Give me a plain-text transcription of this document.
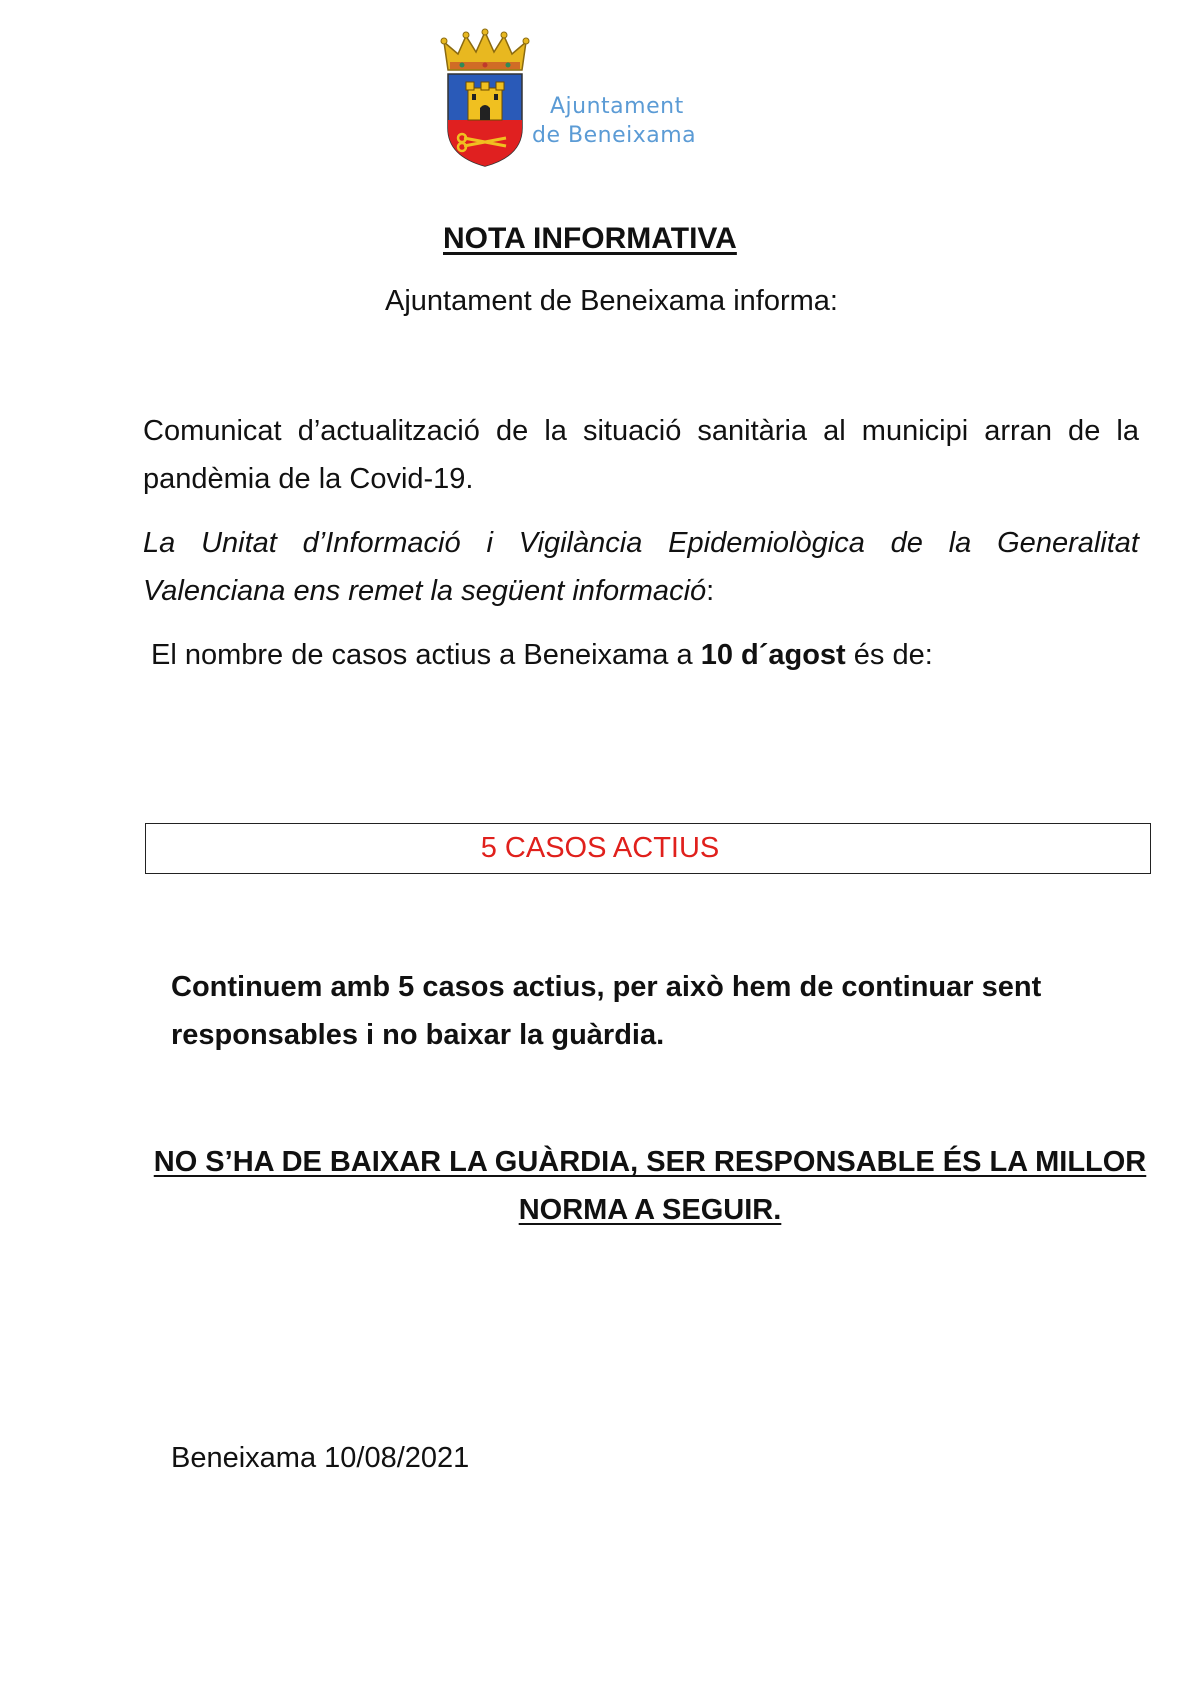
Ajuntament
de Beneixama
NOTA INFORMATIVA

Ajuntament de Beneixama informa:

Comunicat d’actualització de la situació sanitària al municipi arran de la pandèmia de la Covid-19.

La Unitat d’Informació i Vigilància Epidemiològica de la Generalitat Valenciana ens remet la següent informació:

El nombre de casos actius a Beneixama a 10 d´agost és de:

5 CASOS ACTIUS

Continuem amb 5 casos actius, per això hem de continuar sent responsables i no baixar la guàrdia.

NO S’HA DE BAIXAR LA GUÀRDIA, SER RESPONSABLE ÉS LA MILLOR NORMA A SEGUIR.

Beneixama 10/08/2021
